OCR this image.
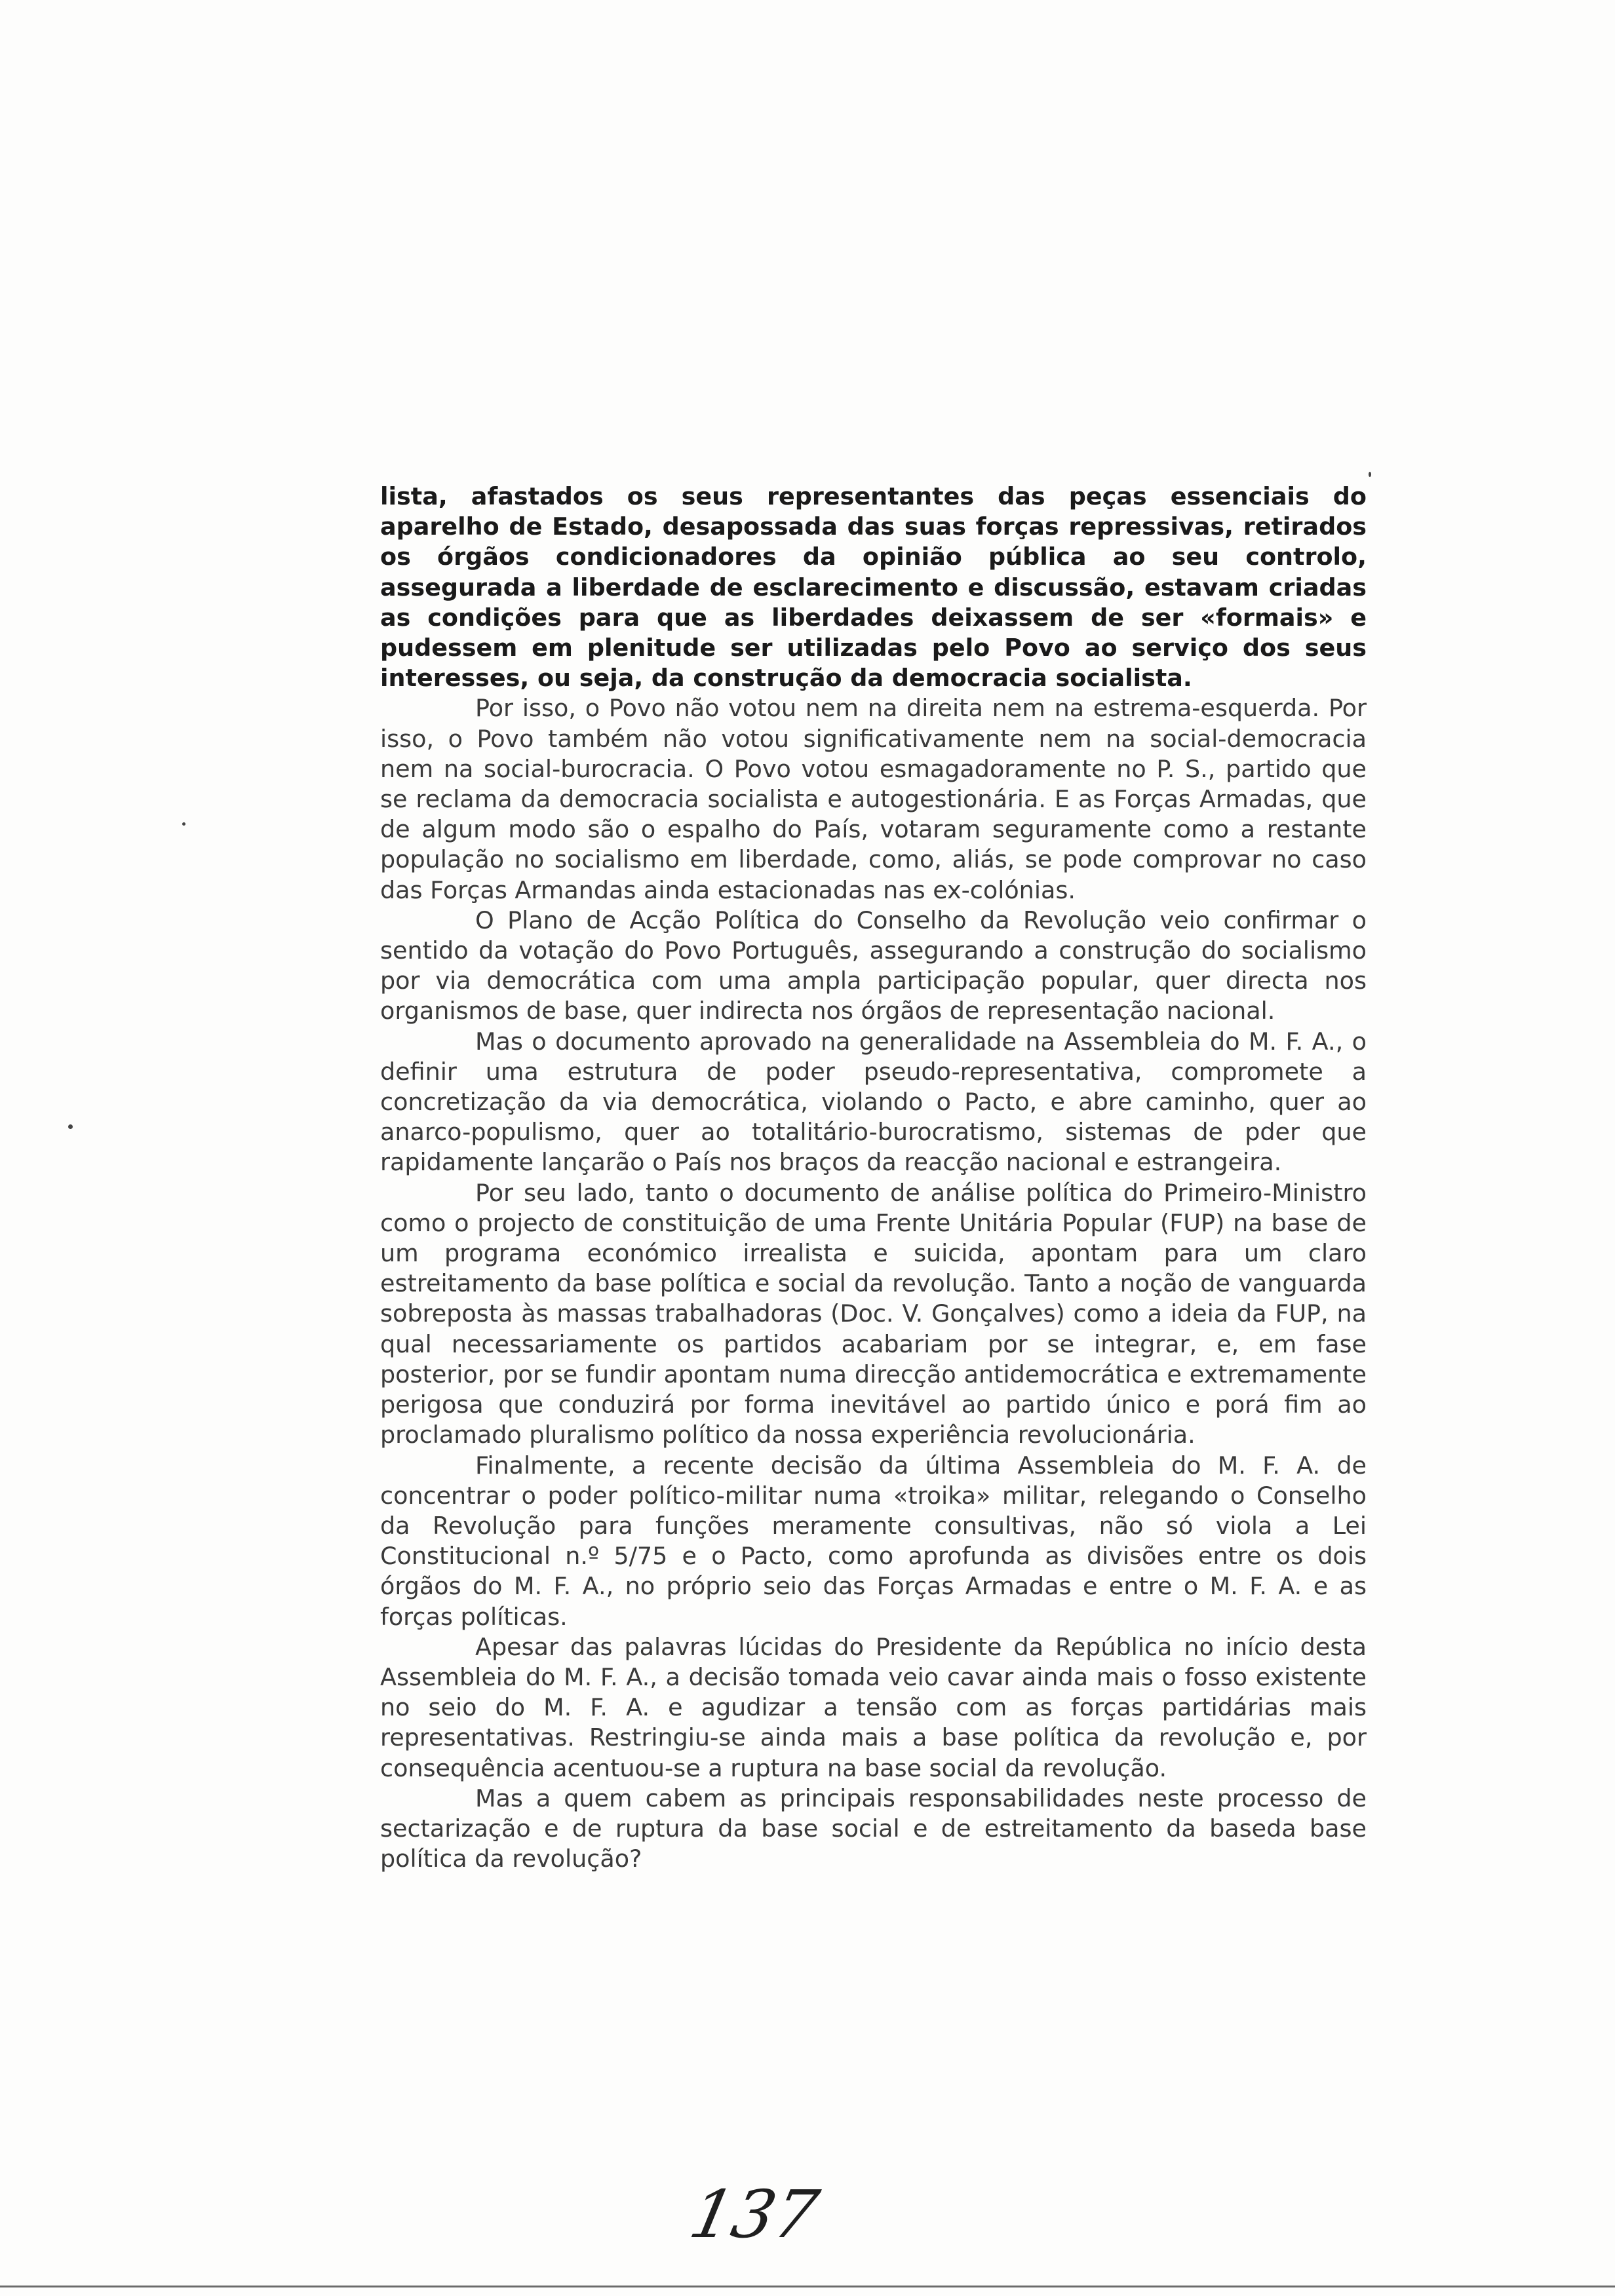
lista, afastados os seus representantes das peças essenciais do aparelho de Estado, desapossada das suas forças repressivas, retirados os órgãos condicionadores da opinião pública ao seu controlo, assegurada a liberdade de esclarecimento e discussão, estavam criadas as condições para que as liberdades deixassem de ser «formais» e pudessem em plenitude ser utilizadas pelo Povo ao serviço dos seus interesses, ou seja, da construção da democracia socialista.

Por isso, o Povo não votou nem na direita nem na estrema-esquerda. Por isso, o Povo também não votou significativamente nem na social-democracia nem na social-burocracia. O Povo votou esmagadoramente no P. S., partido que se reclama da democracia socialista e autogestionária. E as Forças Armadas, que de algum modo são o espalho do País, votaram seguramente como a restante população no socialismo em liberdade, como, aliás, se pode comprovar no caso das Forças Armandas ainda estacionadas nas ex-colónias.

O Plano de Acção Política do Conselho da Revolução veio confirmar o sentido da votação do Povo Português, assegurando a construção do socialismo por via democrática com uma ampla participação popular, quer directa nos organismos de base, quer indirecta nos órgãos de representação nacional.

Mas o documento aprovado na generalidade na Assembleia do M. F. A., o definir uma estrutura de poder pseudo-representativa, compromete a concretização da via democrática, violando o Pacto, e abre caminho, quer ao anarco-populismo, quer ao totalitário-burocratismo, sistemas de pder que rapidamente lançarão o País nos braços da reacção nacional e estrangeira.

Por seu lado, tanto o documento de análise política do Primeiro-Ministro como o projecto de constituição de uma Frente Unitária Popular (FUP) na base de um programa económico irrealista e suicida, apontam para um claro estreitamento da base política e social da revolução. Tanto a noção de vanguarda sobreposta às massas trabalhadoras (Doc. V. Gonçalves) como a ideia da FUP, na qual necessariamente os partidos acabariam por se integrar, e, em fase posterior, por se fundir apontam numa direcção antidemocrática e extremamente perigosa que conduzirá por forma inevitável ao partido único e porá fim ao proclamado pluralismo político da nossa experiência revolucionária.

Finalmente, a recente decisão da última Assembleia do M. F. A. de concentrar o poder político-militar numa «troika» militar, relegando o Conselho da Revolução para funções meramente consultivas, não só viola a Lei Constitucional n.º 5/75 e o Pacto, como aprofunda as divisões entre os dois órgãos do M. F. A., no próprio seio das Forças Armadas e entre o M. F. A. e as forças políticas.

Apesar das palavras lúcidas do Presidente da República no início desta Assembleia do M. F. A., a decisão tomada veio cavar ainda mais o fosso existente no seio do M. F. A. e agudizar a tensão com as forças partidárias mais representativas. Restringiu-se ainda mais a base política da revolução e, por consequência acentuou-se a ruptura na base social da revolução.

Mas a quem cabem as principais responsabilidades neste processo de sectarização e de ruptura da base social e de estreitamento da baseda base política da revolução?

137
